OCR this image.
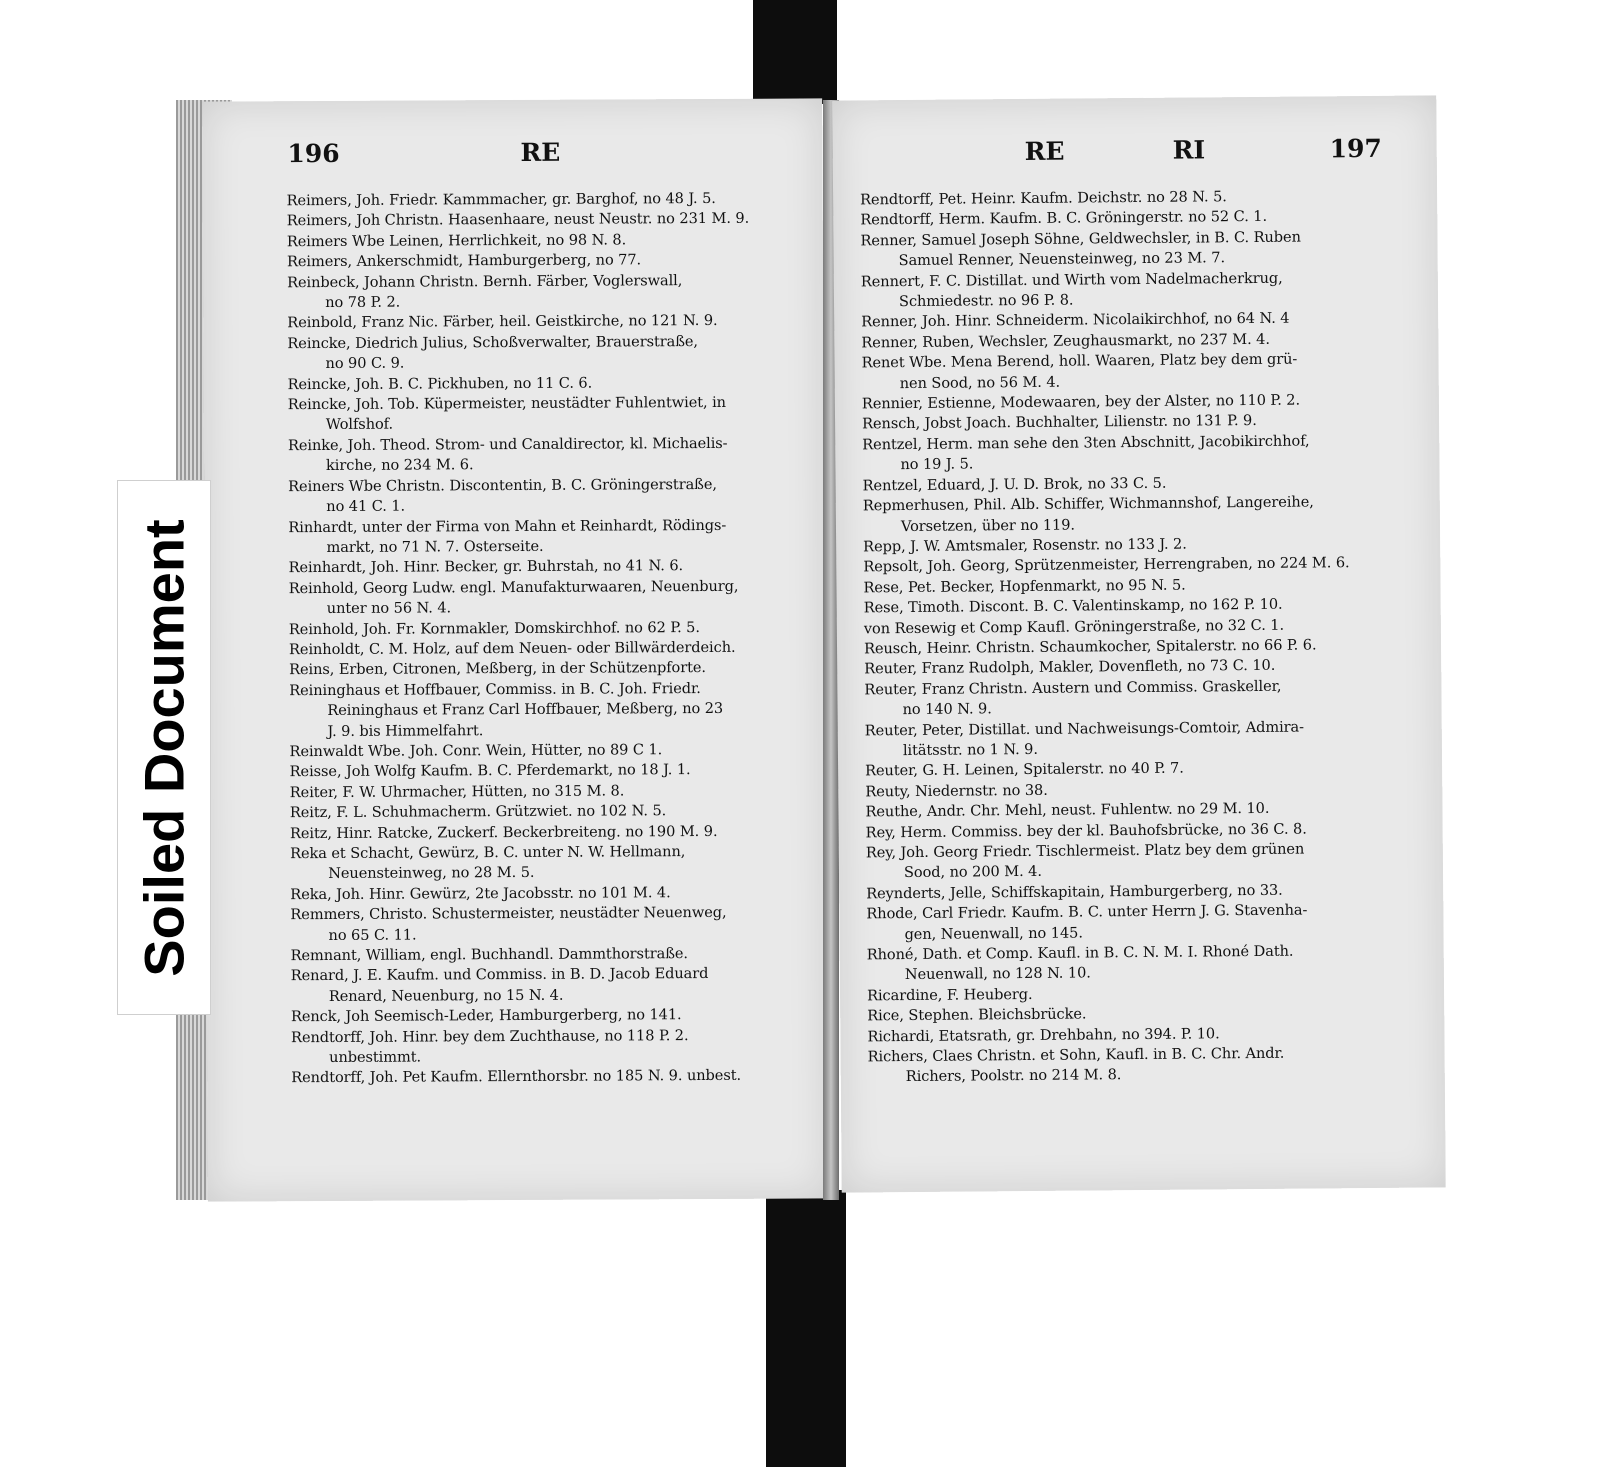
196	RE
Reimers, Joh. Friedr. Kammmacher, gr. Barghof, no 48 J. 5.
Reimers, Joh Christn. Haasenhaare, neust Neustr. no 231 M. 9.
Reimers Wbe Leinen, Herrlichkeit, no 98 N. 8.
Reimers, Ankerschmidt, Hamburgerberg, no 77.
Reinbeck, Johann Christn. Bernh. Färber, Voglerswall,
no 78 P. 2.
Reinbold, Franz Nic. Färber, heil. Geistkirche, no 121 N. 9.
Reincke, Diedrich Julius, Schoßverwalter, Brauerstraße,
no 90 C. 9.
Reincke, Joh. B. C. Pickhuben, no 11 C. 6.
Reincke, Joh. Tob. Küpermeister, neustädter Fuhlentwiet, in
Wolfshof.
Reinke, Joh. Theod. Strom- und Canaldirector, kl. Michaelis-
kirche, no 234 M. 6.
Reiners Wbe Christn. Discontentin, B. C. Gröningerstraße,
no 41 C. 1.
Rinhardt, unter der Firma von Mahn et Reinhardt, Rödings-
markt, no 71 N. 7. Osterseite.
Reinhardt, Joh. Hinr. Becker, gr. Buhrstah, no 41 N. 6.
Reinhold, Georg Ludw. engl. Manufakturwaaren, Neuenburg,
unter no 56 N. 4.
Reinhold, Joh. Fr. Kornmakler, Domskirchhof. no 62 P. 5.
Reinholdt, C. M. Holz, auf dem Neuen- oder Billwärderdeich.
Reins, Erben, Citronen, Meßberg, in der Schützenpforte.
Reininghaus et Hoffbauer, Commiss. in B. C. Joh. Friedr.
Reininghaus et Franz Carl Hoffbauer, Meßberg, no 23
J. 9. bis Himmelfahrt.
Reinwaldt Wbe. Joh. Conr. Wein, Hütter, no 89 C 1.
Reisse, Joh Wolfg Kaufm. B. C. Pferdemarkt, no 18 J. 1.
Reiter, F. W. Uhrmacher, Hütten, no 315 M. 8.
Reitz, F. L. Schuhmacherm. Grützwiet. no 102 N. 5.
Reitz, Hinr. Ratcke, Zuckerf. Beckerbreiteng. no 190 M. 9.
Reka et Schacht, Gewürz, B. C. unter N. W. Hellmann,
Neuensteinweg, no 28 M. 5.
Reka, Joh. Hinr. Gewürz, 2te Jacobsstr. no 101 M. 4.
Remmers, Christo. Schustermeister, neustädter Neuenweg,
no 65 C. 11.
Remnant, William, engl. Buchhandl. Dammthorstraße.
Renard, J. E. Kaufm. und Commiss. in B. D. Jacob Eduard
Renard, Neuenburg, no 15 N. 4.
Renck, Joh Seemisch-Leder, Hamburgerberg, no 141.
Rendtorff, Joh. Hinr. bey dem Zuchthause, no 118 P. 2.
unbestimmt.
Rendtorff, Joh. Pet Kaufm. Ellernthorsbr. no 185 N. 9. unbest.
RE	RI	197
Rendtorff, Pet. Heinr. Kaufm. Deichstr. no 28 N. 5.
Rendtorff, Herm. Kaufm. B. C. Gröningerstr. no 52 C. 1.
Renner, Samuel Joseph Söhne, Geldwechsler, in B. C. Ruben
Samuel Renner, Neuensteinweg, no 23 M. 7.
Rennert, F. C. Distillat. und Wirth vom Nadelmacherkrug,
Schmiedestr. no 96 P. 8.
Renner, Joh. Hinr. Schneiderm. Nicolaikirchhof, no 64 N. 4
Renner, Ruben, Wechsler, Zeughausmarkt, no 237 M. 4.
Renet Wbe. Mena Berend, holl. Waaren, Platz bey dem grü-
nen Sood, no 56 M. 4.
Rennier, Estienne, Modewaaren, bey der Alster, no 110 P. 2.
Rensch, Jobst Joach. Buchhalter, Lilienstr. no 131 P. 9.
Rentzel, Herm. man sehe den 3ten Abschnitt, Jacobikirchhof,
no 19 J. 5.
Rentzel, Eduard, J. U. D. Brok, no 33 C. 5.
Repmerhusen, Phil. Alb. Schiffer, Wichmannshof, Langereihe,
Vorsetzen, über no 119.
Repp, J. W. Amtsmaler, Rosenstr. no 133 J. 2.
Repsolt, Joh. Georg, Sprützenmeister, Herrengraben, no 224 M. 6.
Rese, Pet. Becker, Hopfenmarkt, no 95 N. 5.
Rese, Timoth. Discont. B. C. Valentinskamp, no 162 P. 10.
von Resewig et Comp Kaufl. Gröningerstraße, no 32 C. 1.
Reusch, Heinr. Christn. Schaumkocher, Spitalerstr. no 66 P. 6.
Reuter, Franz Rudolph, Makler, Dovenfleth, no 73 C. 10.
Reuter, Franz Christn. Austern und Commiss. Graskeller,
no 140 N. 9.
Reuter, Peter, Distillat. und Nachweisungs-Comtoir, Admira-
litätsstr. no 1 N. 9.
Reuter, G. H. Leinen, Spitalerstr. no 40 P. 7.
Reuty, Niedernstr. no 38.
Reuthe, Andr. Chr. Mehl, neust. Fuhlentw. no 29 M. 10.
Rey, Herm. Commiss. bey der kl. Bauhofsbrücke, no 36 C. 8.
Rey, Joh. Georg Friedr. Tischlermeist. Platz bey dem grünen
Sood, no 200 M. 4.
Reynderts, Jelle, Schiffskapitain, Hamburgerberg, no 33.
Rhode, Carl Friedr. Kaufm. B. C. unter Herrn J. G. Stavenha-
gen, Neuenwall, no 145.
Rhoné, Dath. et Comp. Kaufl. in B. C. N. M. I. Rhoné Dath.
Neuenwall, no 128 N. 10.
Ricardine, F. Heuberg.
Rice, Stephen. Bleichsbrücke.
Richardi, Etatsrath, gr. Drehbahn, no 394. P. 10.
Richers, Claes Christn. et Sohn, Kaufl. in B. C. Chr. Andr.
Richers, Poolstr. no 214 M. 8.
Soiled Document
